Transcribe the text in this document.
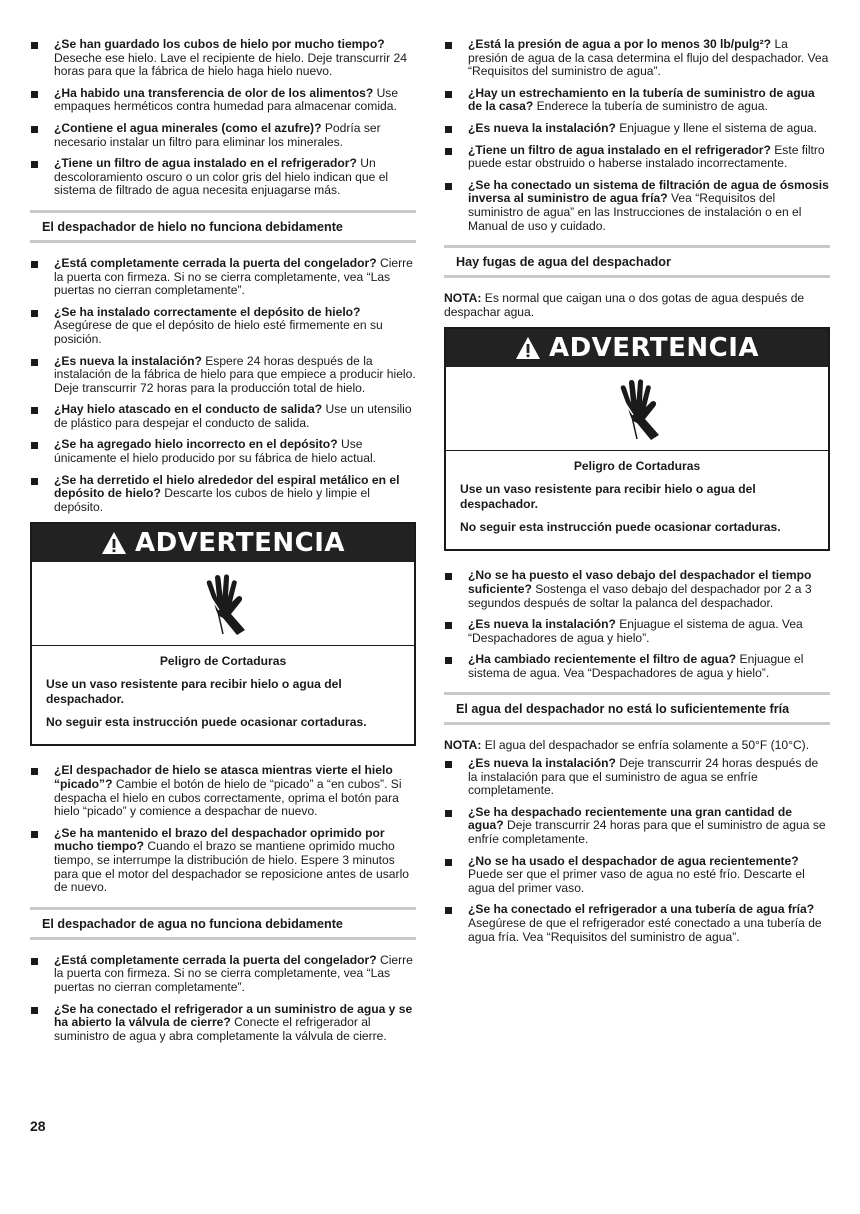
¿Se han guardado los cubos de hielo por mucho tiempo? Deseche ese hielo. Lave el recipiente de hielo. Deje transcurrir 24 horas para que la fábrica de hielo haga hielo nuevo.
¿Ha habido una transferencia de olor de los alimentos? Use empaques herméticos contra humedad para almacenar comida.
¿Contiene el agua minerales (como el azufre)? Podría ser necesario instalar un filtro para eliminar los minerales.
¿Tiene un filtro de agua instalado en el refrigerador? Un descoloramiento oscuro o un color gris del hielo indican que el sistema de filtrado de agua necesita enjuagarse más.
El despachador de hielo no funciona debidamente
¿Está completamente cerrada la puerta del congelador? Cierre la puerta con firmeza. Si no se cierra completamente, vea “Las puertas no cierran completamente”.
¿Se ha instalado correctamente el depósito de hielo? Asegúrese de que el depósito de hielo esté firmemente en su posición.
¿Es nueva la instalación? Espere 24 horas después de la instalación de la fábrica de hielo para que empiece a producir hielo. Deje transcurrir 72 horas para la producción total de hielo.
¿Hay hielo atascado en el conducto de salida? Use un utensilio de plástico para despejar el conducto de salida.
¿Se ha agregado hielo incorrecto en el depósito? Use únicamente el hielo producido por su fábrica de hielo actual.
¿Se ha derretido el hielo alrededor del espiral metálico en el depósito de hielo? Descarte los cubos de hielo y limpie el depósito.
ADVERTENCIA
Peligro de Cortaduras

Use un vaso resistente para recibir hielo o agua del despachador.

No seguir esta instrucción puede ocasionar cortaduras.

¿El despachador de hielo se atasca mientras vierte el hielo “picado”? Cambie el botón de hielo de “picado” a “en cubos”. Si despacha el hielo en cubos correctamente, oprima el botón para hielo “picado” y comience a despachar de nuevo.
¿Se ha mantenido el brazo del despachador oprimido por mucho tiempo? Cuando el brazo se mantiene oprimido mucho tiempo, se interrumpe la distribución de hielo. Espere 3 minutos para que el motor del despachador se reposicione antes de usarlo de nuevo.
El despachador de agua no funciona debidamente
¿Está completamente cerrada la puerta del congelador? Cierre la puerta con firmeza. Si no se cierra completamente, vea “Las puertas no cierran completamente”.
¿Se ha conectado el refrigerador a un suministro de agua y se ha abierto la válvula de cierre? Conecte el refrigerador al suministro de agua y abra completamente la válvula de cierre.
¿Está la presión de agua a por lo menos 30 lb/pulg²? La presión de agua de la casa determina el flujo del despachador. Vea “Requisitos del suministro de agua”.
¿Hay un estrechamiento en la tubería de suministro de agua de la casa? Enderece la tubería de suministro de agua.
¿Es nueva la instalación? Enjuague y llene el sistema de agua.
¿Tiene un filtro de agua instalado en el refrigerador? Este filtro puede estar obstruido o haberse instalado incorrectamente.
¿Se ha conectado un sistema de filtración de agua de ósmosis inversa al suministro de agua fría? Vea “Requisitos del suministro de agua” en las Instrucciones de instalación o en el Manual de uso y cuidado.
Hay fugas de agua del despachador

NOTA: Es normal que caigan una o dos gotas de agua después de despachar agua.

ADVERTENCIA
Peligro de Cortaduras

Use un vaso resistente para recibir hielo o agua del despachador.

No seguir esta instrucción puede ocasionar cortaduras.

¿No se ha puesto el vaso debajo del despachador el tiempo suficiente? Sostenga el vaso debajo del despachador por 2 a 3 segundos después de soltar la palanca del despachador.
¿Es nueva la instalación? Enjuague el sistema de agua. Vea “Despachadores de agua y hielo”.
¿Ha cambiado recientemente el filtro de agua? Enjuague el sistema de agua. Vea “Despachadores de agua y hielo”.
El agua del despachador no está lo suficientemente fría

NOTA: El agua del despachador se enfría solamente a 50°F (10°C).

¿Es nueva la instalación? Deje transcurrir 24 horas después de la instalación para que el suministro de agua se enfríe completamente.
¿Se ha despachado recientemente una gran cantidad de agua? Deje transcurrir 24 horas para que el suministro de agua se enfríe completamente.
¿No se ha usado el despachador de agua recientemente? Puede ser que el primer vaso de agua no esté frío. Descarte el agua del primer vaso.
¿Se ha conectado el refrigerador a una tubería de agua fría? Asegúrese de que el refrigerador esté conectado a una tubería de agua fría. Vea “Requisitos del suministro de agua”.
28
